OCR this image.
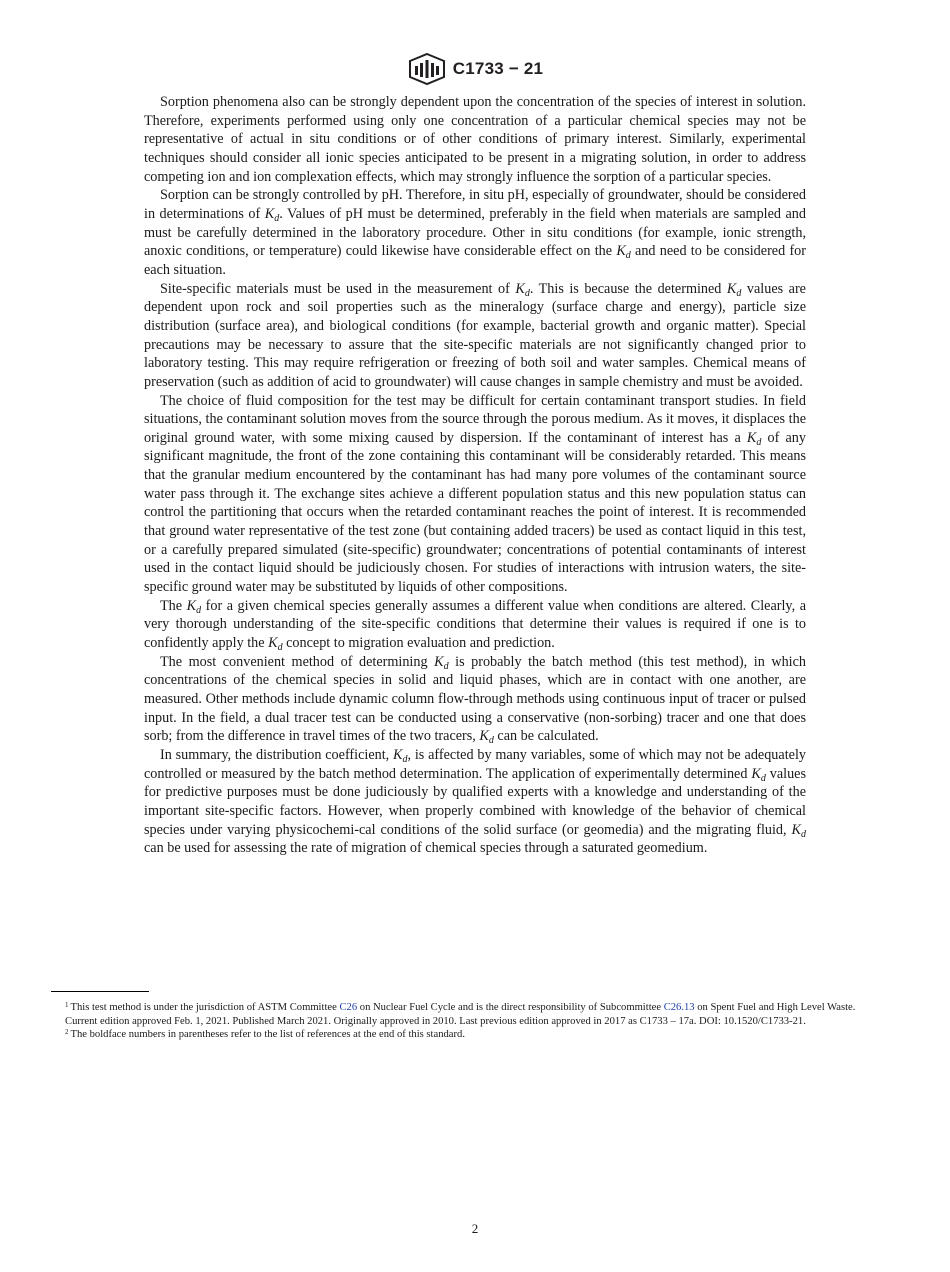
C1733 − 21

Sorption phenomena also can be strongly dependent upon the concentration of the species of interest in solution. Therefore, experiments performed using only one concentration of a particular chemical species may not be representative of actual in situ conditions or of other conditions of primary interest. Similarly, experimental techniques should consider all ionic species anticipated to be present in a migrating solution, in order to address competing ion and ion complexation effects, which may strongly influence the sorption of a particular species.

Sorption can be strongly controlled by pH. Therefore, in situ pH, especially of groundwater, should be considered in determinations of $K_d$. Values of pH must be determined, preferably in the field when materials are sampled and must be carefully determined in the laboratory procedure. Other in situ conditions (for example, ionic strength, anoxic conditions, or temperature) could likewise have considerable effect on the $K_d$ and need to be considered for each situation.

Site-specific materials must be used in the measurement of $K_d$. This is because the determined $K_d$ values are dependent upon rock and soil properties such as the mineralogy (surface charge and energy), particle size distribution (surface area), and biological conditions (for example, bacterial growth and organic matter). Special precautions may be necessary to assure that the site-specific materials are not significantly changed prior to laboratory testing. This may require refrigeration or freezing of both soil and water samples. Chemical means of preservation (such as addition of acid to groundwater) will cause changes in sample chemistry and must be avoided.

The choice of fluid composition for the test may be difficult for certain contaminant transport studies. In field situations, the contaminant solution moves from the source through the porous medium. As it moves, it displaces the original ground water, with some mixing caused by dispersion. If the contaminant of interest has a $K_d$ of any significant magnitude, the front of the zone containing this contaminant will be considerably retarded. This means that the granular medium encountered by the contaminant has had many pore volumes of the contaminant source water pass through it. The exchange sites achieve a different population status and this new population status can control the partitioning that occurs when the retarded contaminant reaches the point of interest. It is recommended that ground water representative of the test zone (but containing added tracers) be used as contact liquid in this test, or a carefully prepared simulated (site-specific) groundwater; concentrations of potential contaminants of interest used in the contact liquid should be judiciously chosen. For studies of interactions with intrusion waters, the site-specific ground water may be substituted by liquids of other compositions.

The $K_d$ for a given chemical species generally assumes a different value when conditions are altered. Clearly, a very thorough understanding of the site-specific conditions that determine their values is required if one is to confidently apply the $K_d$ concept to migration evaluation and prediction.

The most convenient method of determining $K_d$ is probably the batch method (this test method), in which concentrations of the chemical species in solid and liquid phases, which are in contact with one another, are measured. Other methods include dynamic column flow-through methods using continuous input of tracer or pulsed input. In the field, a dual tracer test can be conducted using a conservative (non-sorbing) tracer and one that does sorb; from the difference in travel times of the two tracers, $K_d$ can be calculated.

In summary, the distribution coefficient, $K_d$, is affected by many variables, some of which may not be adequately controlled or measured by the batch method determination. The application of experimentally determined $K_d$ values for predictive purposes must be done judiciously by qualified experts with a knowledge and understanding of the important site-specific factors. However, when properly combined with knowledge of the behavior of chemical species under varying physicochemi-cal conditions of the solid surface (or geomedia) and the migrating fluid, $K_d$ can be used for assessing the rate of migration of chemical species through a saturated geomedium.

$^1$ This test method is under the jurisdiction of ASTM Committee C26 on Nuclear Fuel Cycle and is the direct responsibility of Subcommittee C26.13 on Spent Fuel and High Level Waste.

Current edition approved Feb. 1, 2021. Published March 2021. Originally approved in 2010. Last previous edition approved in 2017 as C1733 – 17a. DOI: 10.1520/C1733-21.

$^2$ The boldface numbers in parentheses refer to the list of references at the end of this standard.

2
